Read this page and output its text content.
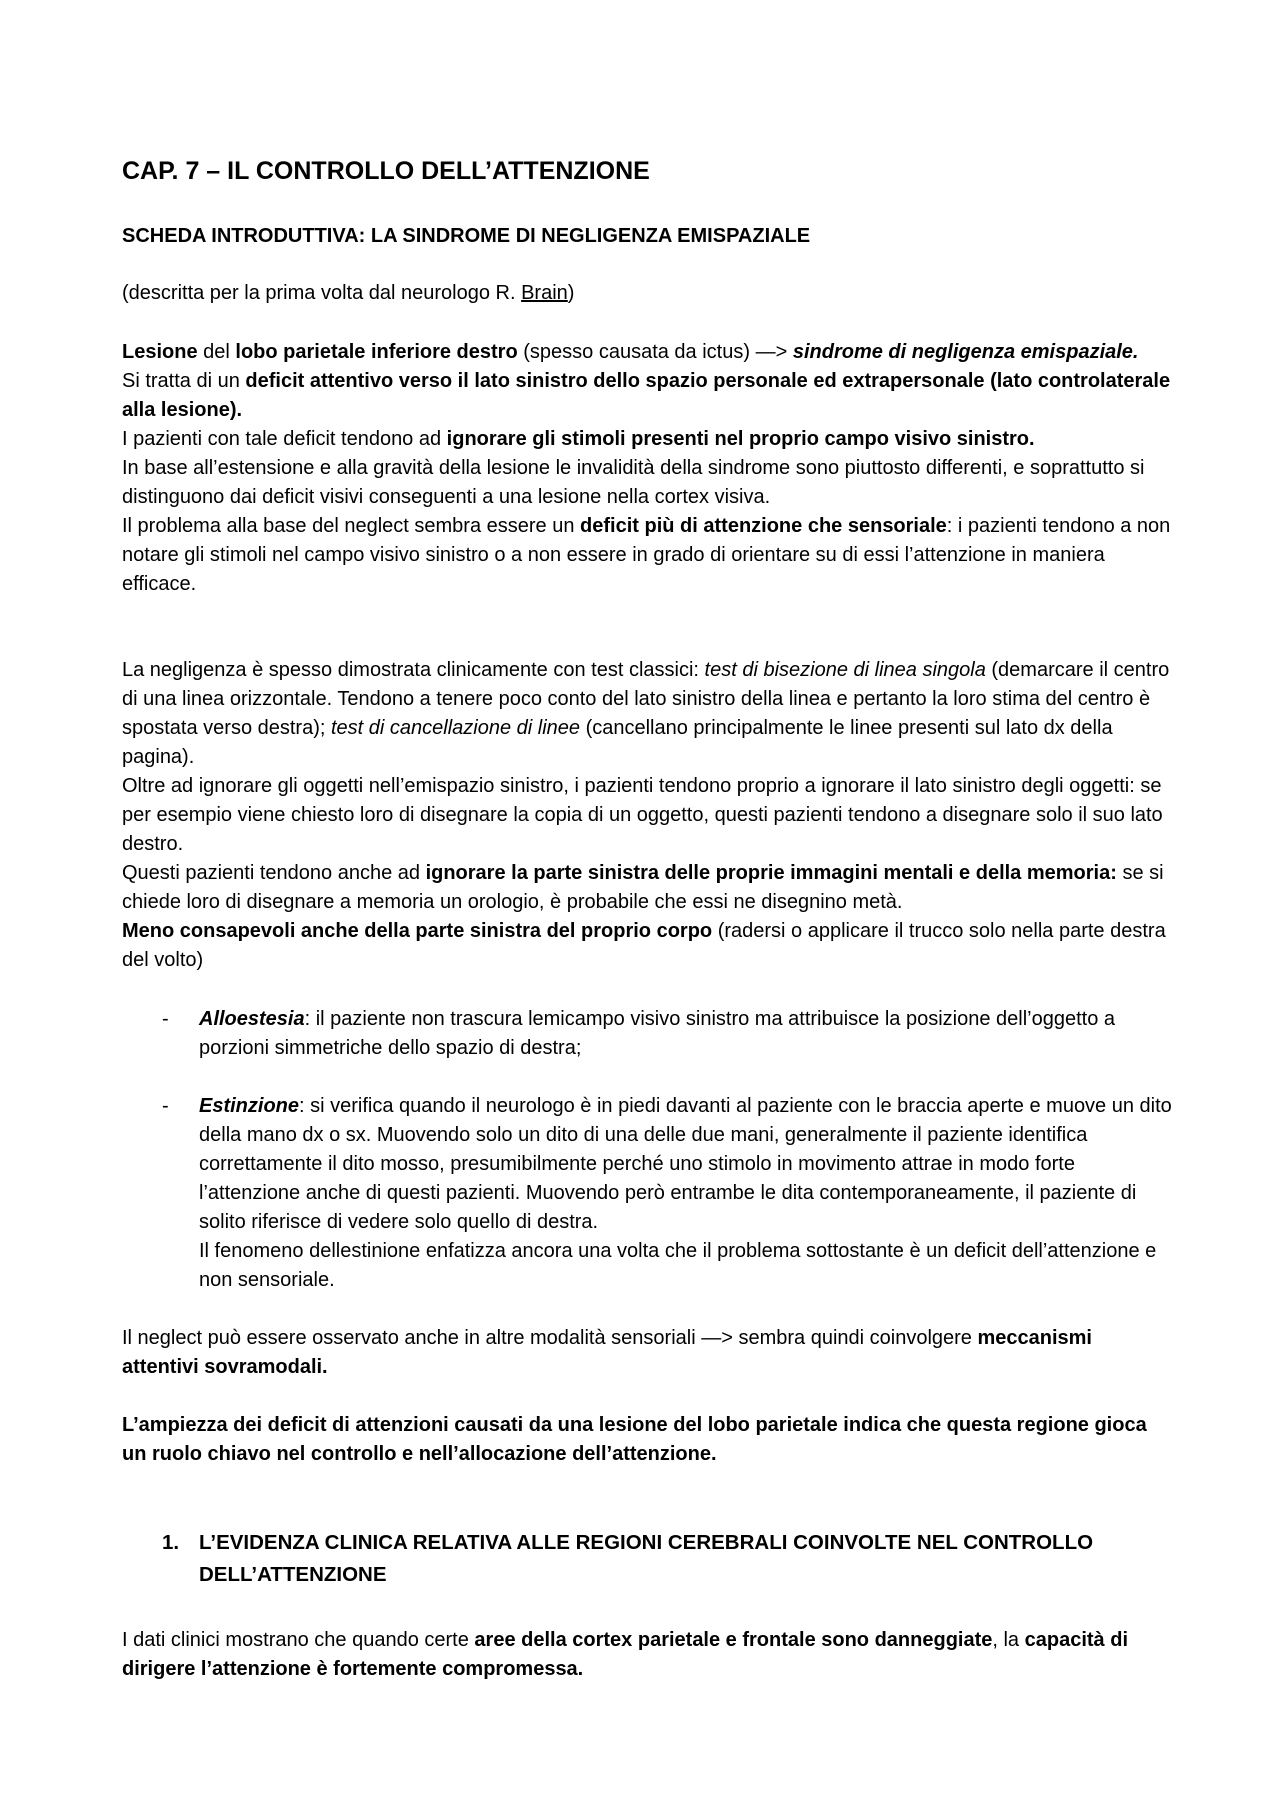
CAP. 7 – IL CONTROLLO DELL’ATTENZIONE
SCHEDA INTRODUTTIVA: LA SINDROME DI NEGLIGENZA EMISPAZIALE

(descritta per la prima volta dal neurologo R. Brain)

Lesione del lobo parietale inferiore destro (spesso causata da ictus) —> sindrome di negligenza emispaziale.
Si tratta di un deficit attentivo verso il lato sinistro dello spazio personale ed extrapersonale (lato controlaterale alla lesione).
I pazienti con tale deficit tendono ad ignorare gli stimoli presenti nel proprio campo visivo sinistro.
In base all’estensione e alla gravità della lesione le invalidità della sindrome sono piuttosto differenti, e soprattutto si distinguono dai deficit visivi conseguenti a una lesione nella cortex visiva.
Il problema alla base del neglect sembra essere un deficit più di attenzione che sensoriale: i pazienti tendono a non notare gli stimoli nel campo visivo sinistro o a non essere in grado di orientare su di essi l’attenzione in maniera efficace.

La negligenza è spesso dimostrata clinicamente con test classici: test di bisezione di linea singola (demarcare il centro di una linea orizzontale. Tendono a tenere poco conto del lato sinistro della linea e pertanto la loro stima del centro è spostata verso destra); test di cancellazione di linee (cancellano principalmente le linee presenti sul lato dx della pagina).
Oltre ad ignorare gli oggetti nell’emispazio sinistro, i pazienti tendono proprio a ignorare il lato sinistro degli oggetti: se per esempio viene chiesto loro di disegnare la copia di un oggetto, questi pazienti tendono a disegnare solo il suo lato destro.
Questi pazienti tendono anche ad ignorare la parte sinistra delle proprie immagini mentali e della memoria: se si chiede loro di disegnare a memoria un orologio, è probabile che essi ne disegnino metà.
Meno consapevoli anche della parte sinistra del proprio corpo (radersi o applicare il trucco solo nella parte destra del volto)

-	Alloestesia: il paziente non trascura lemicampo visivo sinistro ma attribuisce la posizione dell’oggetto a porzioni simmetriche dello spazio di destra;

-	Estinzione: si verifica quando il neurologo è in piedi davanti al paziente con le braccia aperte e muove un dito della mano dx o sx. Muovendo solo un dito di una delle due mani, generalmente il paziente identifica correttamente il dito mosso, presumibilmente perché uno stimolo in movimento attrae in modo forte l’attenzione anche di questi pazienti. Muovendo però entrambe le dita contemporaneamente, il paziente di solito riferisce di vedere solo quello di destra.
Il fenomeno dellestinione enfatizza ancora una volta che il problema sottostante è un deficit dell’attenzione e non sensoriale.

Il neglect può essere osservato anche in altre modalità sensoriali —> sembra quindi coinvolgere meccanismi attentivi sovramodali.

L’ampiezza dei deficit di attenzioni causati da una lesione del lobo parietale indica che questa regione gioca un ruolo chiavo nel controllo e nell’allocazione dell’attenzione.

1. L’EVIDENZA CLINICA RELATIVA ALLE REGIONI CEREBRALI COINVOLTE NEL CONTROLLO DELL’ATTENZIONE

I dati clinici mostrano che quando certe aree della cortex parietale e frontale sono danneggiate, la capacità di dirigere l’attenzione è fortemente compromessa.
